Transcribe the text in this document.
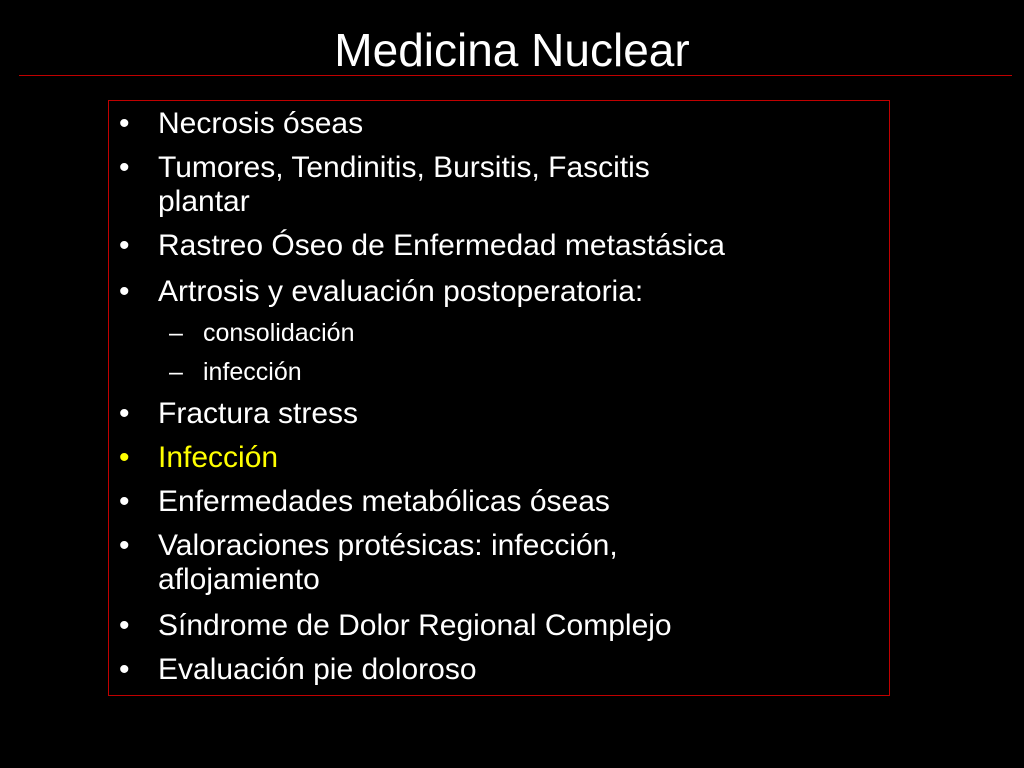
Medicina Nuclear
• Necrosis óseas
• Tumores, Tendinitis, Bursitis, Fascitis
plantar
• Rastreo Óseo de Enfermedad metastásica
• Artrosis y evaluación postoperatoria:
– consolidación
– infección
• Fractura stress
• Infección
• Enfermedades metabólicas óseas
• Valoraciones protésicas: infección,
aflojamiento
• Síndrome de Dolor Regional Complejo
• Evaluación pie doloroso
